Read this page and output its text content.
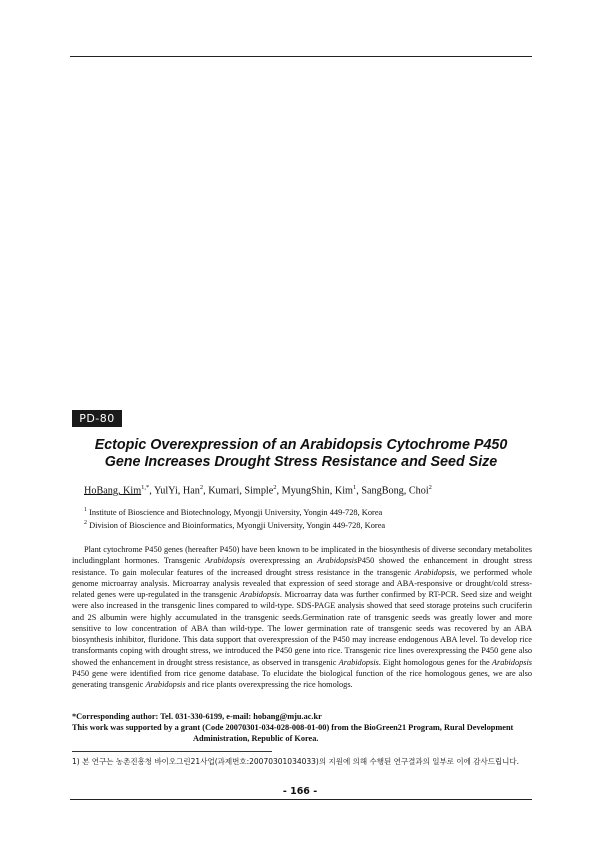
PD-80
Ectopic Overexpression of an Arabidopsis Cytochrome P450
Gene Increases Drought Stress Resistance and Seed Size
HoBang, Kim$^{1,*}$, YulYi, Han$^2$, Kumari, Simple$^2$, MyungShin, Kim$^1$, SangBong, Choi$^2$
$^1$ Institute of Bioscience and Biotechnology, Myongji University, Yongin 449-728, Korea
$^2$ Division of Bioscience and Bioinformatics, Myongji University, Yongin 449-728, Korea

Plant cytochrome P450 genes (hereafter P450) have been known to be implicated in the biosynthesis of diverse secondary metabolites includingplant hormones. Transgenic Arabidopsis overexpressing an ArabidopsisP450 showed the enhancement in drought stress resistance. To gain molecular features of the increased drought stress resistance in the transgenic Arabidopsis, we performed whole genome microarray analysis. Microarray analysis revealed that expression of seed storage and ABA-responsive or drought/cold stress-related genes were up-regulated in the transgenic Arabidopsis. Microarray data was further confirmed by RT-PCR. Seed size and weight were also increased in the transgenic lines compared to wild-type. SDS-PAGE analysis showed that seed storage proteins such cruciferin and 2S albumin were highly accumulated in the transgenic seeds.Germination rate of transgenic seeds was greatly lower and more sensitive to low concentration of ABA than wild-type. The lower germination rate of transgenic seeds was recovered by an ABA biosynthesis inhibitor, fluridone. This data support that overexpression of the P450 may increase endogenous ABA level. To develop rice transformants coping with drought stress, we introduced the P450 gene into rice. Transgenic rice lines overexpressing the P450 gene also showed the enhancement in drought stress resistance, as observed in transgenic Arabidopsis. Eight homologous genes for the Arabidopsis P450 gene were identified from rice genome database. To elucidate the biological function of the rice homologous genes, we are also generating transgenic Arabidopsis and rice plants overexpressing the rice homologs.

*Corresponding author: Tel. 031-330-6199, e-mail: hobang@mju.ac.kr
This work was supported by a grant (Code 20070301-034-028-008-01-00) from the BioGreen21 Program, Rural Development
Administration, Republic of Korea.
1) 본 연구는 농촌진흥청 바이오그린21사업(과제번호:20070301034033)의 지원에 의해 수행된 연구결과의 일부로 이에 감사드립니다.
- 166 -
